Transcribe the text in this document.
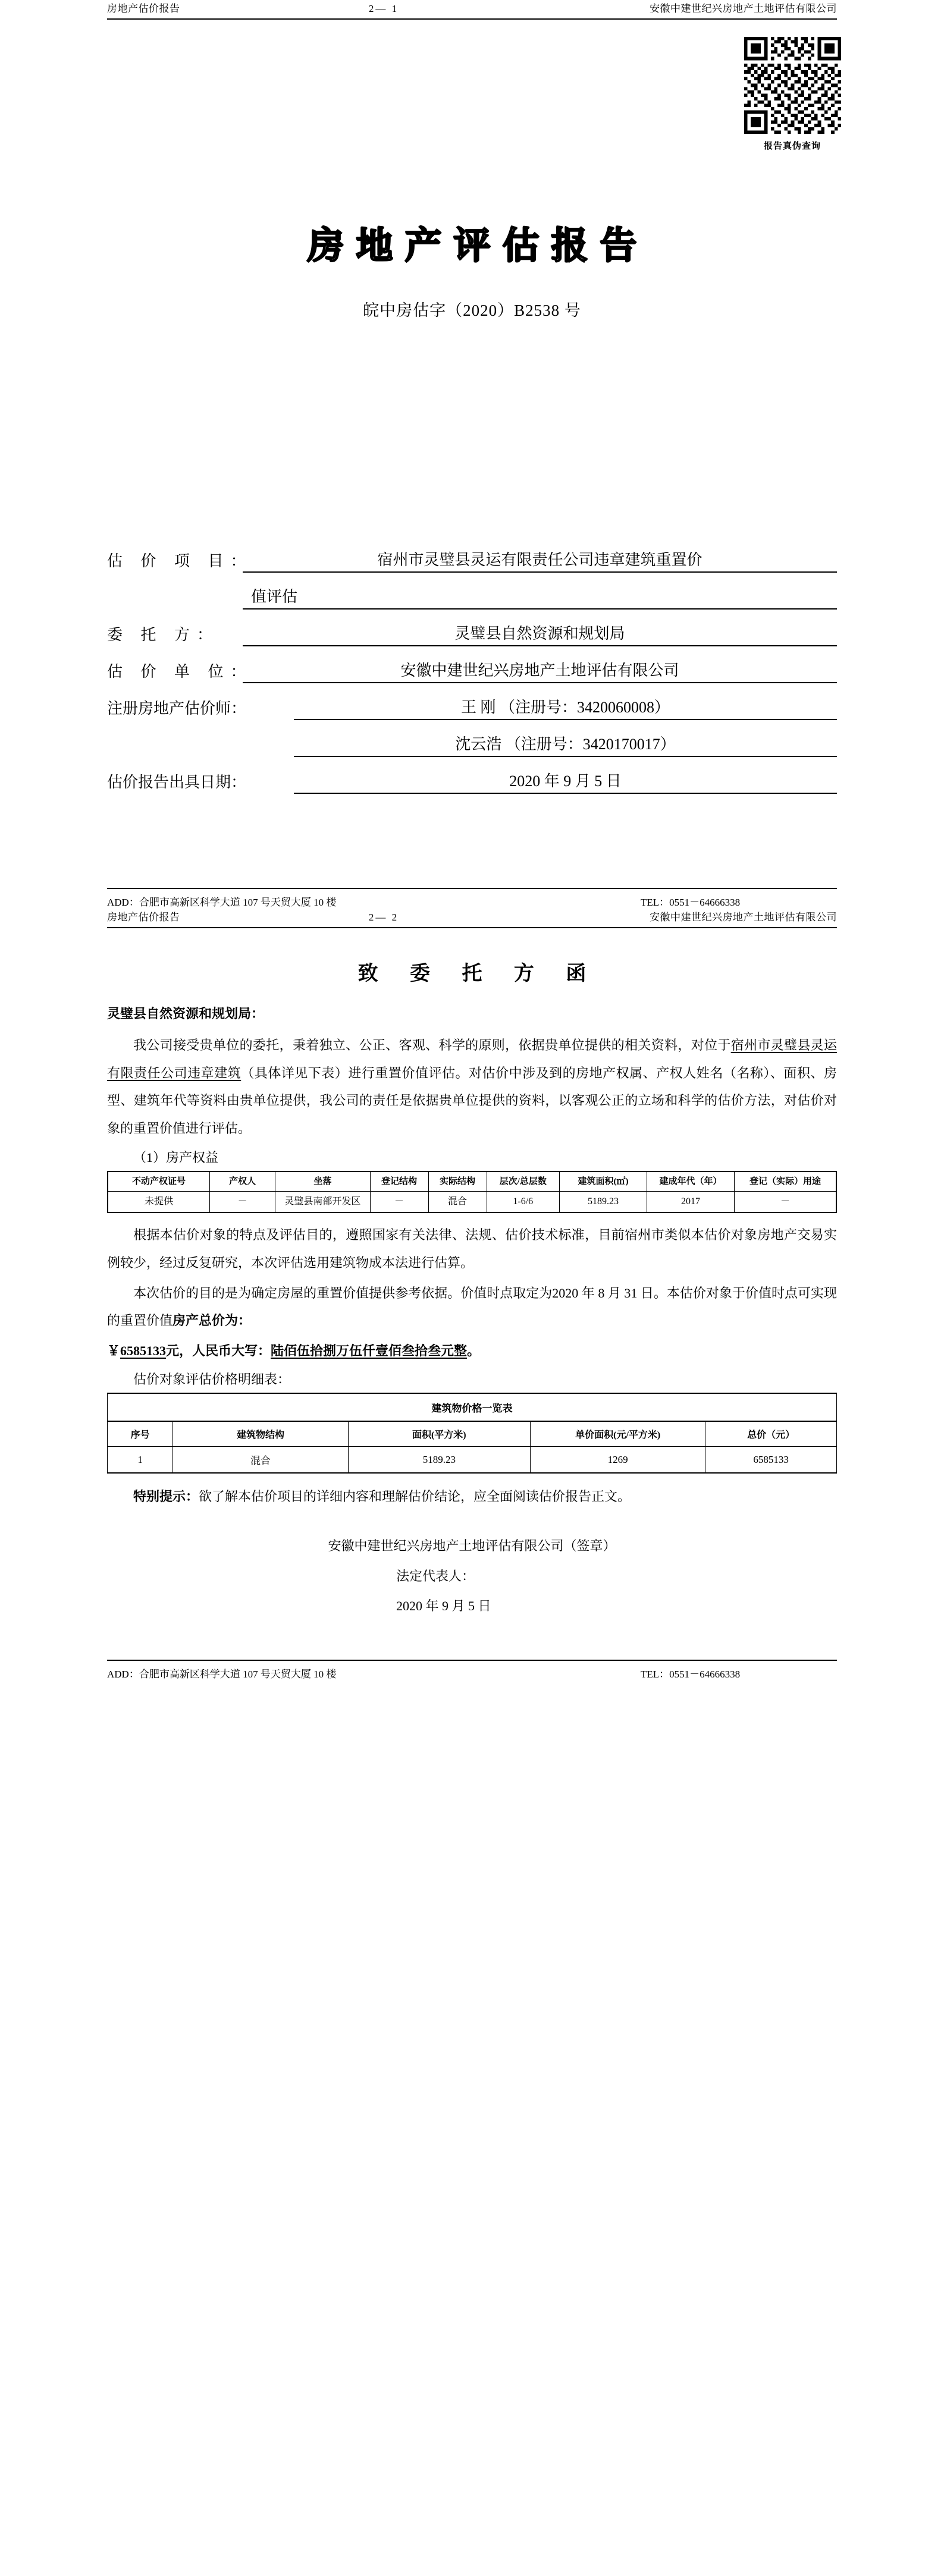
房地产估价报告	2— 1	安徽中建世纪兴房地产土地评估有限公司
报告真伪查询
房地产评估报告
皖中房估字（2020）B2538 号
估 价 项 目：	宿州市灵璧县灵运有限责任公司违章建筑重置价
值评估
委 托 方：	灵璧县自然资源和规划局
估 价 单 位：	安徽中建世纪兴房地产土地评估有限公司
注册房地产估价师：	王 刚 （注册号：3420060008）
沈云浩 （注册号：3420170017）
估价报告出具日期：	2020 年 9 月 5 日
ADD：合肥市高新区科学大道 107 号天贸大厦 10 楼	TEL：0551－64666338
房地产估价报告	2— 2	安徽中建世纪兴房地产土地评估有限公司
致 委 托 方 函
灵璧县自然资源和规划局：

我公司接受贵单位的委托，秉着独立、公正、客观、科学的原则，依据贵单位提供的相关资料，对位于宿州市灵璧县灵运有限责任公司违章建筑（具体详见下表）进行重置价值评估。对估价中涉及到的房地产权属、产权人姓名（名称）、面积、房型、建筑年代等资料由贵单位提供，我公司的责任是依据贵单位提供的资料，以客观公正的立场和科学的估价方法，对估价对象的重置价值进行评估。

（1）房产权益
不动产权证号	产权人	坐落	登记结构	实际结构	层次/总层数	建筑面积(㎡)	建成年代（年）	登记（实际）用途
未提供	－	灵璧县南部开发区	－	混合	1-6/6	5189.23	2017	－

根据本估价对象的特点及评估目的，遵照国家有关法律、法规、估价技术标准，目前宿州市类似本估价对象房地产交易实例较少，经过反复研究，本次评估选用建筑物成本法进行估算。

本次估价的目的是为确定房屋的重置价值提供参考依据。价值时点取定为2020 年 8 月 31 日。本估价对象于价值时点可实现的重置价值房产总价为：

￥6585133元，人民币大写：陆佰伍拾捌万伍仟壹佰叁拾叁元整。

估价对象评估价格明细表：
建筑物价格一览表
序号	建筑物结构	面积(平方米)	单价面积(元/平方米)	总价（元）
1	混合	5189.23	1269	6585133

特别提示：欲了解本估价项目的详细内容和理解估价结论，应全面阅读估价报告正文。

安徽中建世纪兴房地产土地评估有限公司（签章）
法定代表人：
2020 年 9 月 5 日
ADD：合肥市高新区科学大道 107 号天贸大厦 10 楼	TEL：0551－64666338
